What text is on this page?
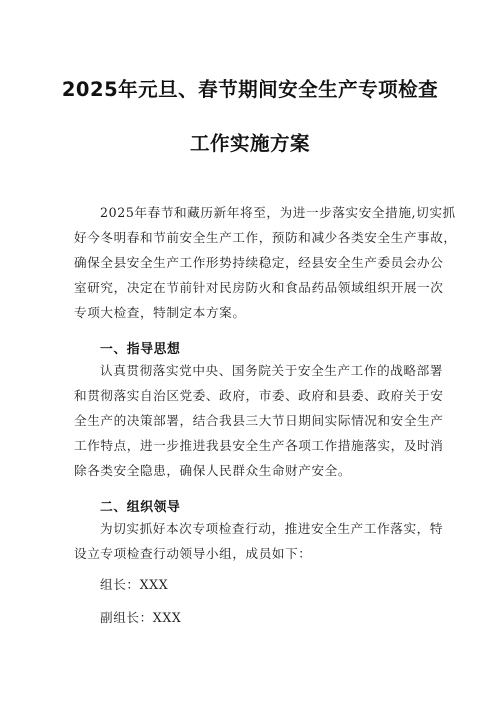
2025年元旦、春节期间安全生产专项检查
工作实施方案
2025年春节和藏历新年将至，为进一步落实安全措施,切实抓
好今冬明春和节前安全生产工作，预防和减少各类安全生产事故，
确保全县安全生产工作形势持续稳定，经县安全生产委员会办公
室研究，决定在节前针对民房防火和食品药品领域组织开展一次
专项大检查，特制定本方案。
一、指导思想
认真贯彻落实党中央、国务院关于安全生产工作的战略部署
和贯彻落实自治区党委、政府，市委、政府和县委、政府关于安
全生产的决策部署，结合我县三大节日期间实际情况和安全生产
工作特点，进一步推进我县安全生产各项工作措施落实，及时消
除各类安全隐患，确保人民群众生命财产安全。
二、组织领导
为切实抓好本次专项检查行动，推进安全生产工作落实，特
设立专项检查行动领导小组，成员如下：
组长：XXX
副组长：XXX
